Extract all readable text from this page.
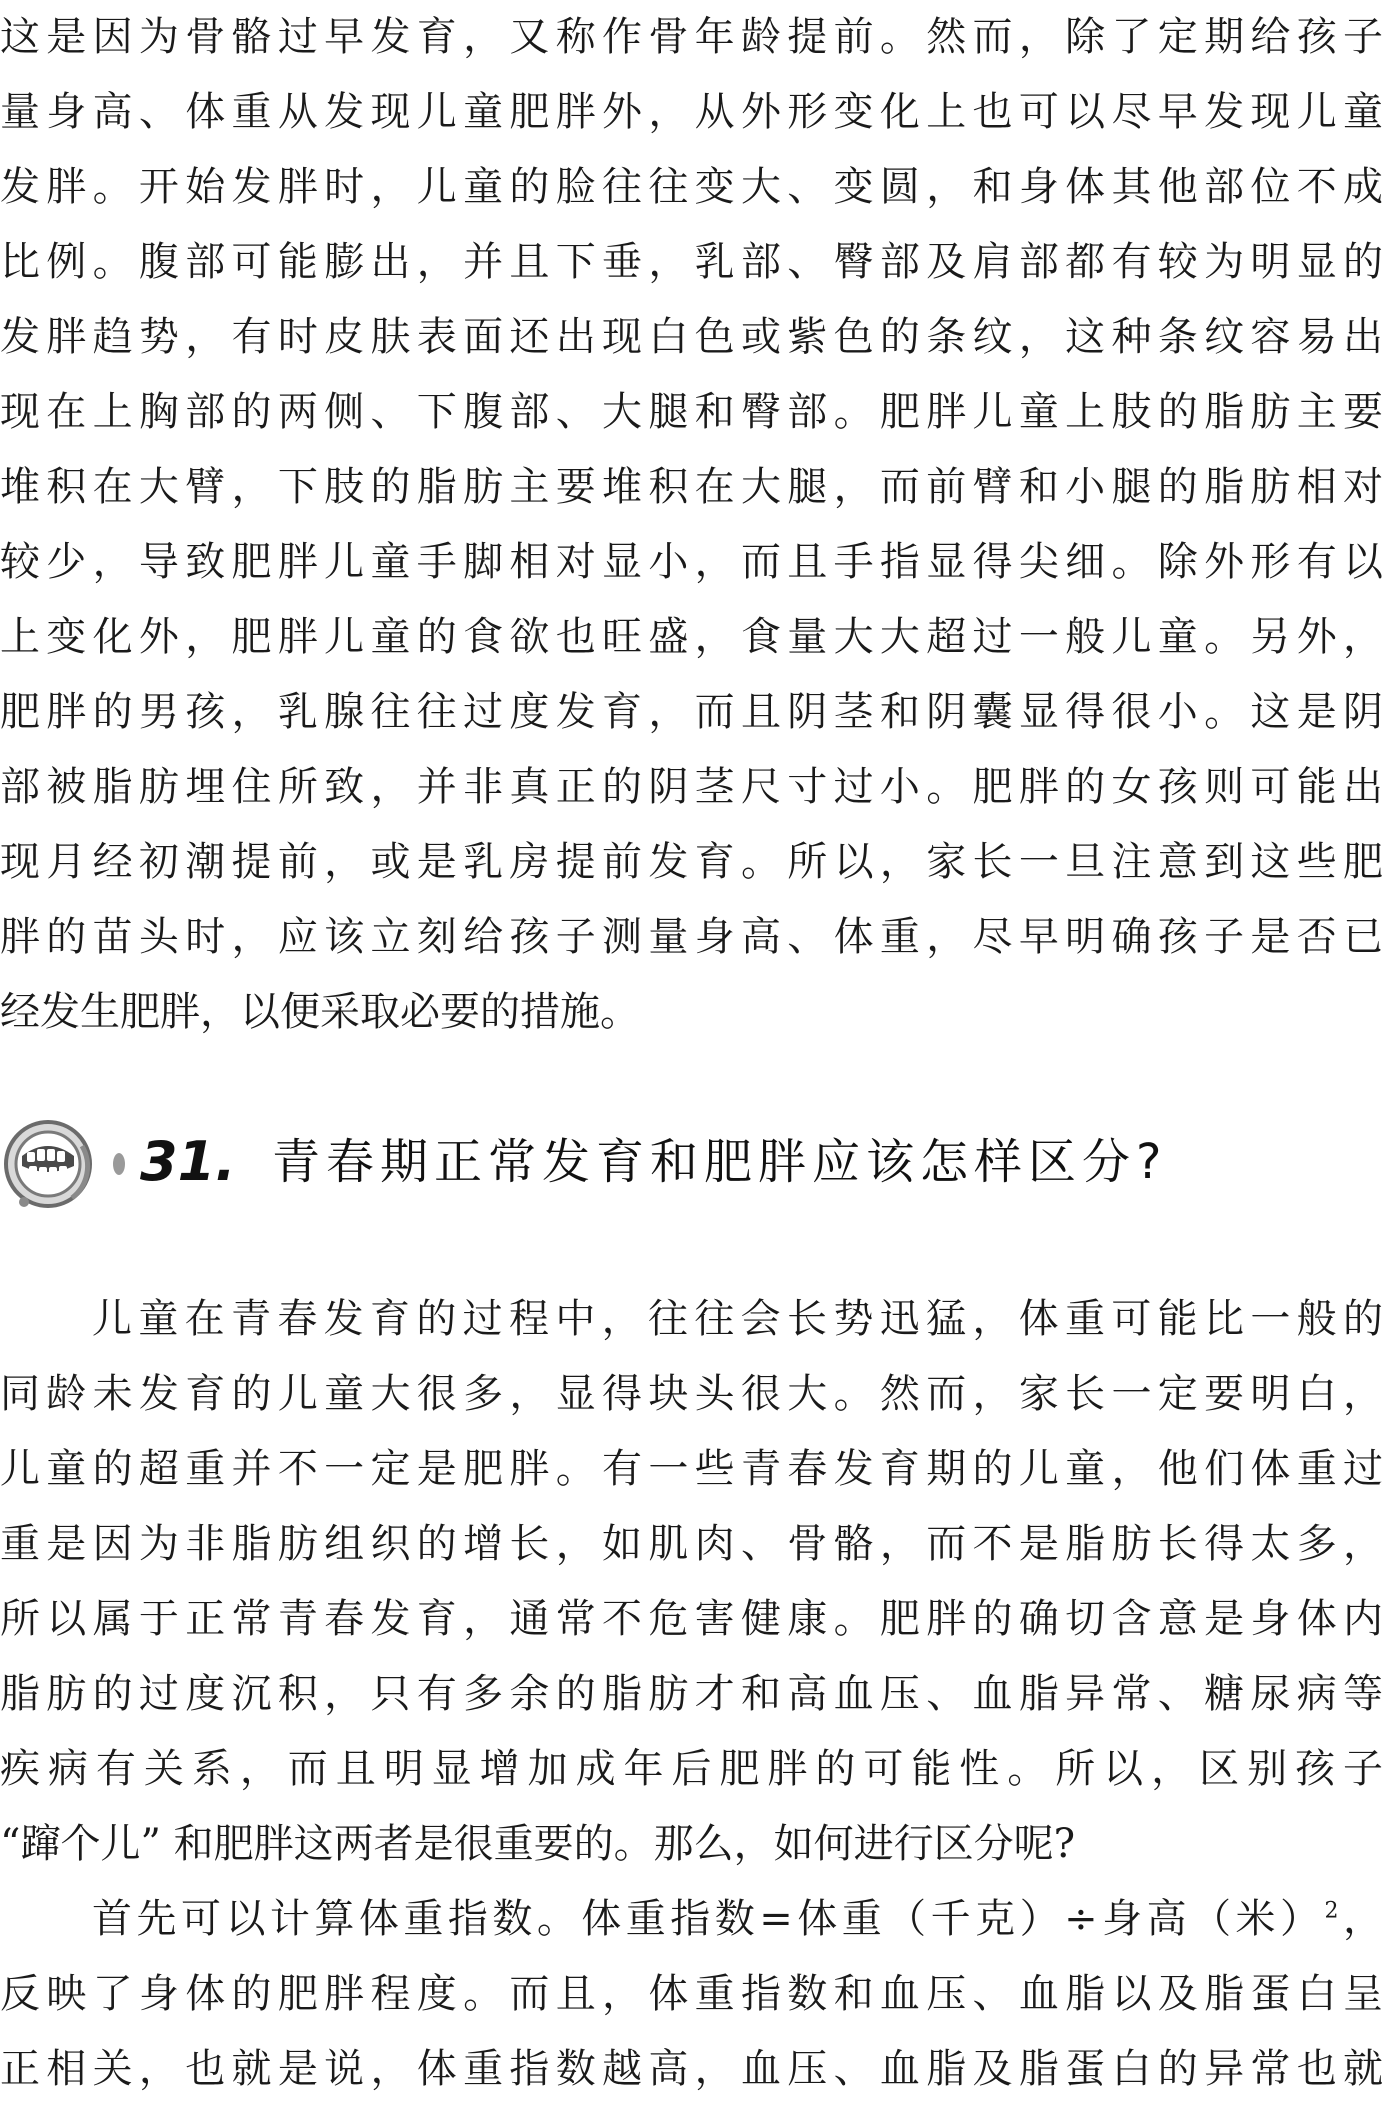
这是因为骨骼过早发育，又称作骨年龄提前。然而，除了定期给孩子
量身高、体重从发现儿童肥胖外，从外形变化上也可以尽早发现儿童
发胖。开始发胖时，儿童的脸往往变大、变圆，和身体其他部位不成
比例。腹部可能膨出，并且下垂，乳部、臀部及肩部都有较为明显的
发胖趋势，有时皮肤表面还出现白色或紫色的条纹，这种条纹容易出
现在上胸部的两侧、下腹部、大腿和臀部。肥胖儿童上肢的脂肪主要
堆积在大臂，下肢的脂肪主要堆积在大腿，而前臂和小腿的脂肪相对
较少，导致肥胖儿童手脚相对显小，而且手指显得尖细。除外形有以
上变化外，肥胖儿童的食欲也旺盛，食量大大超过一般儿童。另外，
肥胖的男孩，乳腺往往过度发育，而且阴茎和阴囊显得很小。这是阴
部被脂肪埋住所致，并非真正的阴茎尺寸过小。肥胖的女孩则可能出
现月经初潮提前，或是乳房提前发育。所以，家长一旦注意到这些肥
胖的苗头时，应该立刻给孩子测量身高、体重，尽早明确孩子是否已
经发生肥胖，以便采取必要的措施。
31. 青春期正常发育和肥胖应该怎样区分?
儿童在青春发育的过程中，往往会长势迅猛，体重可能比一般的
同龄未发育的儿童大很多，显得块头很大。然而，家长一定要明白，
儿童的超重并不一定是肥胖。有一些青春发育期的儿童，他们体重过
重是因为非脂肪组织的增长，如肌肉、骨骼，而不是脂肪长得太多，
所以属于正常青春发育，通常不危害健康。肥胖的确切含意是身体内
脂肪的过度沉积，只有多余的脂肪才和高血压、血脂异常、糖尿病等
疾病有关系，而且明显增加成年后肥胖的可能性。所以，区别孩子
“蹿个儿” 和肥胖这两者是很重要的。那么，如何进行区分呢?
首先可以计算体重指数。体重指数=体重（千克）÷身高（米）$^2$，
反映了身体的肥胖程度。而且，体重指数和血压、血脂以及脂蛋白呈
正相关，也就是说，体重指数越高，血压、血脂及脂蛋白的异常也就
